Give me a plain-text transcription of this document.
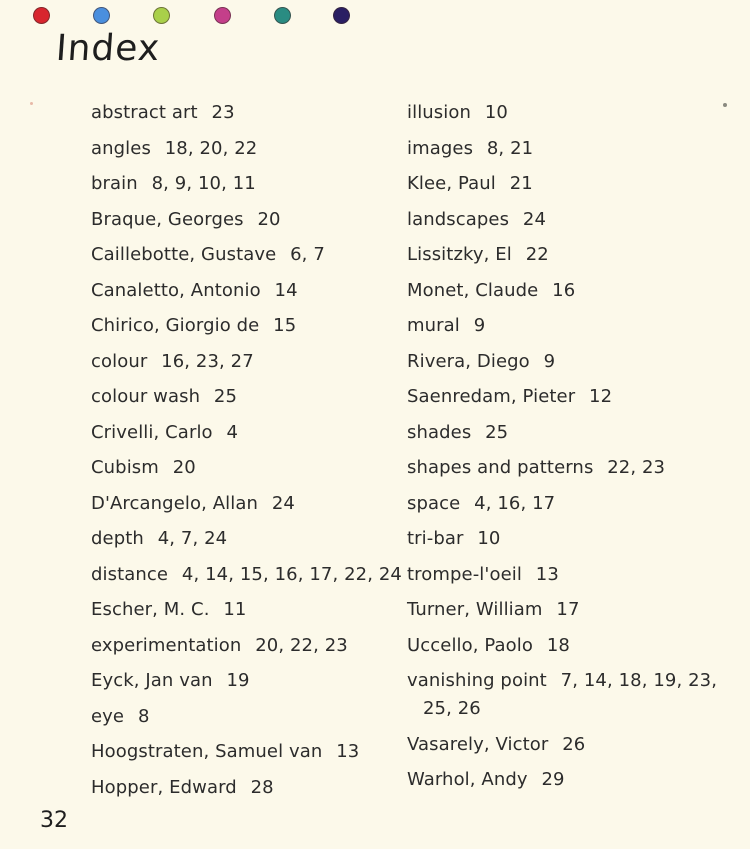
Index
abstract art 23
angles 18, 20, 22
brain 8, 9, 10, 11
Braque, Georges 20
Caillebotte, Gustave 6, 7
Canaletto, Antonio 14
Chirico, Giorgio de 15
colour 16, 23, 27
colour wash 25
Crivelli, Carlo 4
Cubism 20
D'Arcangelo, Allan 24
depth 4, 7, 24
distance 4, 14, 15, 16, 17, 22, 24
Escher, M. C. 11
experimentation 20, 22, 23
Eyck, Jan van 19
eye 8
Hoogstraten, Samuel van 13
Hopper, Edward 28
illusion 10
images 8, 21
Klee, Paul 21
landscapes 24
Lissitzky, El 22
Monet, Claude 16
mural 9
Rivera, Diego 9
Saenredam, Pieter 12
shades 25
shapes and patterns 22, 23
space 4, 16, 17
tri-bar 10
trompe-l'oeil 13
Turner, William 17
Uccello, Paolo 18
vanishing point 7, 14, 18, 19, 23, 25, 26
Vasarely, Victor 26
Warhol, Andy 29
32
